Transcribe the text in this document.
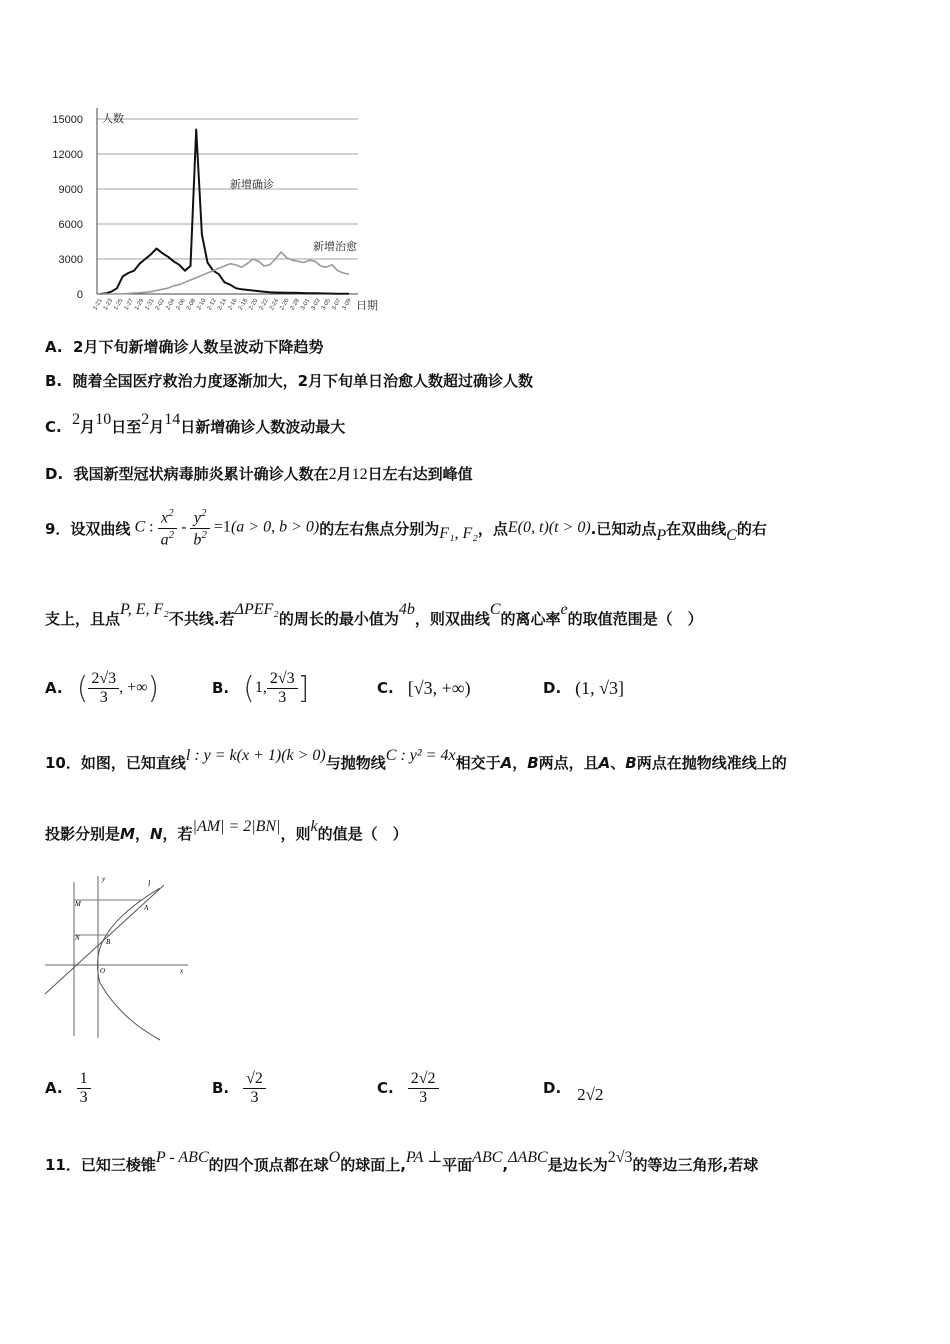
15000
12000
9000
6000
3000
0
1-21 1-23 1-25 1-27 1-29 1-31 2-02 2-04 2-06 2-08 2-10 2-12 2-14 2-16 2-18 2-20 2-22 2-24 2-26 2-28 3-01 3-03 3-05 3-07 3-09
人数
日期
新增确诊
新增治愈
A. 2月下旬新增确诊人数呈波动下降趋势
B. 随着全国医疗救治力度逐渐加大，2月下旬单日治愈人数超过确诊人数
C. 2月10日至2月14日新增确诊人数波动最大
D. 我国新型冠状病毒肺炎累计确诊人数在2月12日左右达到峰值
9．设双曲线 C : $\frac{x^2}{a^2} - \frac{y^2}{b^2} =1(a > 0$, b > 0) 的左右焦点分别为 F₁, F₂ ，点 E(0, t)(t > 0) .已知动点 P 在双曲线 C 的右
支上，且点P, E, F₂不共线.若ΔPEF₂的周长的最小值为4b，则双曲线C的离心率e的取值范围是（　）
A. ( $\frac{2√3}{3}$ , +∞ )	B. ( 1, $\frac{2√3}{3}$ ]	C. [√3, +∞)	D. (1, √3]
10．如图，已知直线l : y = k(x + 1)(k > 0)与抛物线C : y² = 4x相交于A，B两点，且A、B两点在抛物线准线上的
投影分别是M，N，若|AM| = 2|BN|，则k的值是（　）
y	l
M	A
N	B
O	x
A. $\frac{1}{3}$	B. $\frac{√2}{3}$	C. $\frac{2√2}{3}$	D. 2√2
11．已知三棱锥P - ABC的四个顶点都在球O的球面上,PA ⊥平面ABC,ΔABC是边长为2√3的等边三角形,若球
